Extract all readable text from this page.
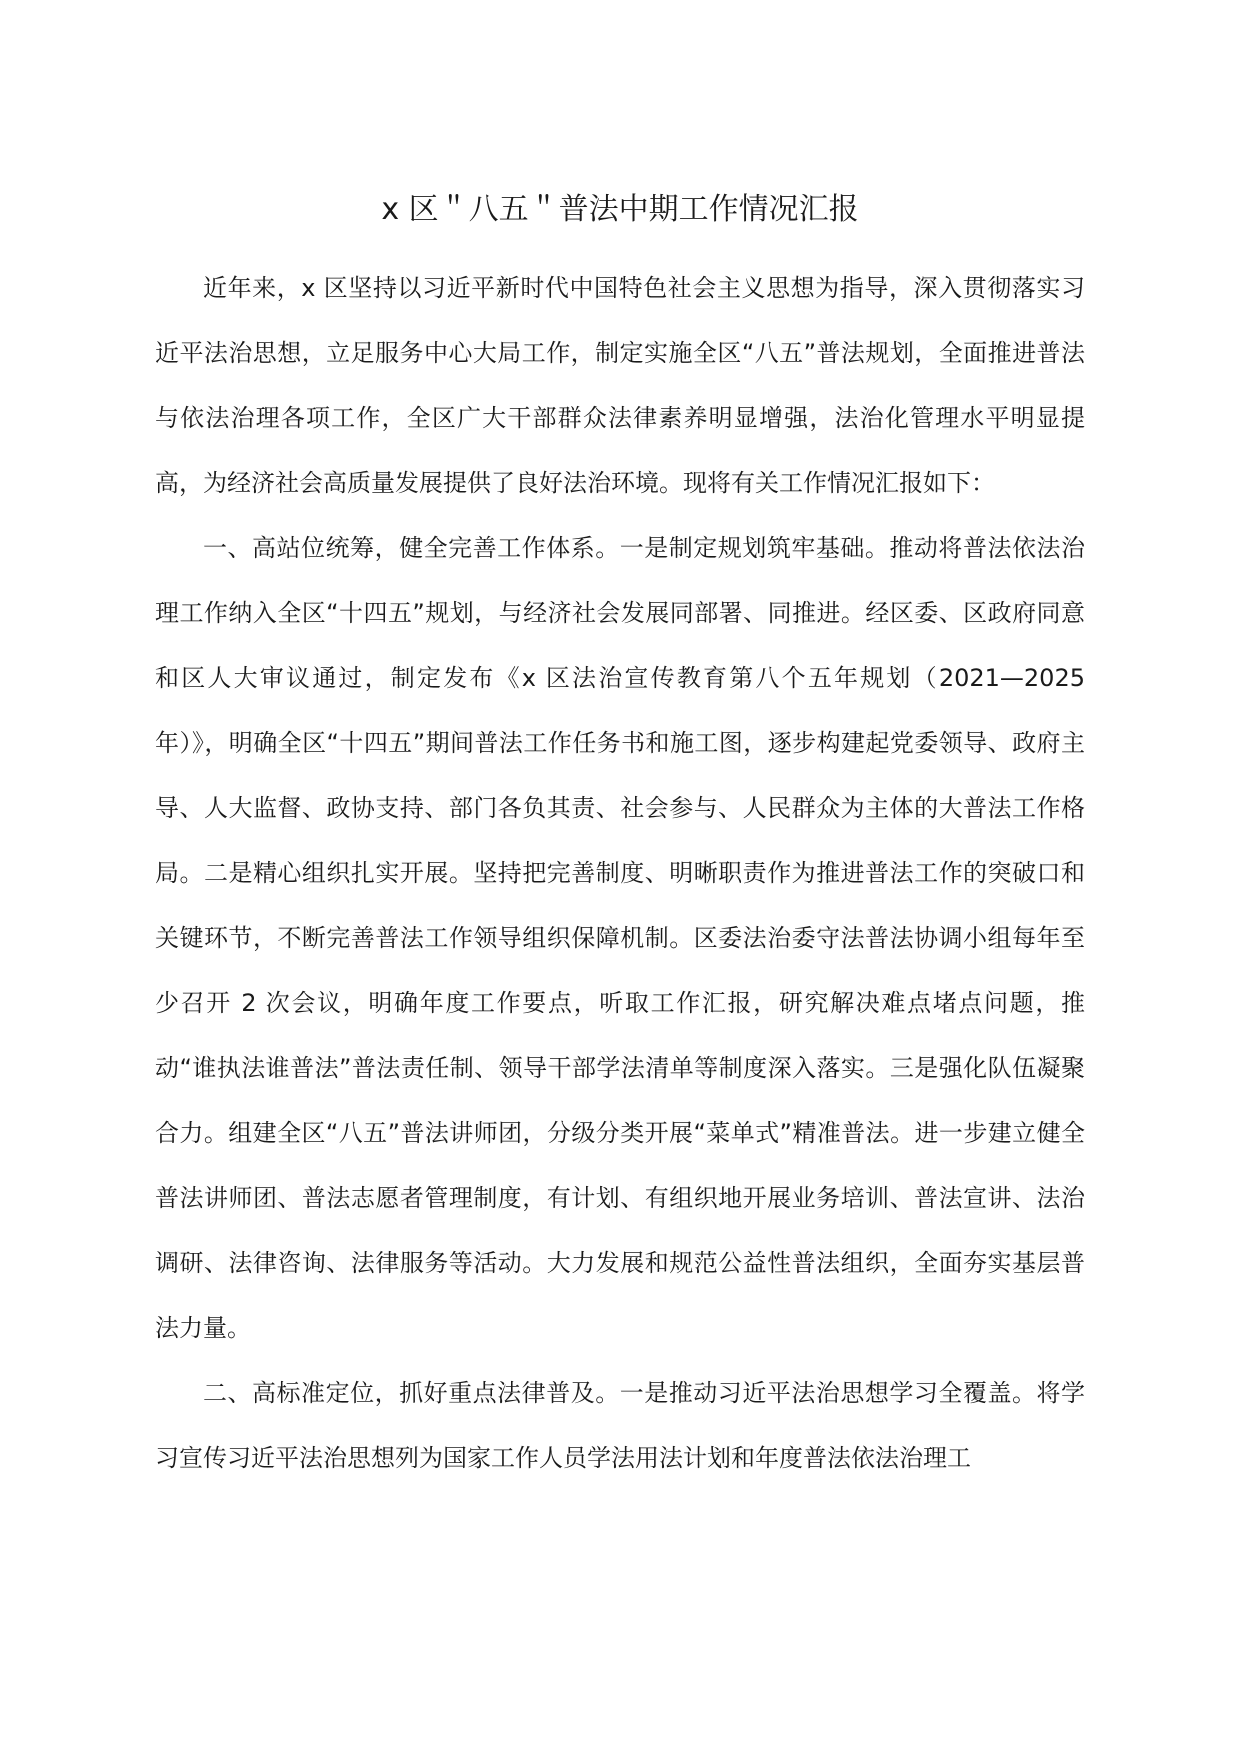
x 区＂八五＂普法中期工作情况汇报

近年来，x 区坚持以习近平新时代中国特色社会主义思想为指导，深入贯彻落实习近平法治思想，立足服务中心大局工作，制定实施全区“八五”普法规划，全面推进普法与依法治理各项工作，全区广大干部群众法律素养明显增强，法治化管理水平明显提高，为经济社会高质量发展提供了良好法治环境。现将有关工作情况汇报如下：

一、高站位统筹，健全完善工作体系。一是制定规划筑牢基础。推动将普法依法治理工作纳入全区“十四五”规划，与经济社会发展同部署、同推进。经区委、区政府同意和区人大审议通过，制定发布《x 区法治宣传教育第八个五年规划（2021—2025 年）》，明确全区“十四五”期间普法工作任务书和施工图，逐步构建起党委领导、政府主导、人大监督、政协支持、部门各负其责、社会参与、人民群众为主体的大普法工作格局。二是精心组织扎实开展。坚持把完善制度、明晰职责作为推进普法工作的突破口和关键环节，不断完善普法工作领导组织保障机制。区委法治委守法普法协调小组每年至少召开 2 次会议，明确年度工作要点，听取工作汇报，研究解决难点堵点问题，推动“谁执法谁普法”普法责任制、领导干部学法清单等制度深入落实。三是强化队伍凝聚合力。组建全区“八五”普法讲师团，分级分类开展“菜单式”精准普法。进一步建立健全普法讲师团、普法志愿者管理制度，有计划、有组织地开展业务培训、普法宣讲、法治调研、法律咨询、法律服务等活动。大力发展和规范公益性普法组织，全面夯实基层普法力量。

二、高标准定位，抓好重点法律普及。一是推动习近平法治思想学习全覆盖。将学习宣传习近平法治思想列为国家工作人员学法用法计划和年度普法依法治理工
